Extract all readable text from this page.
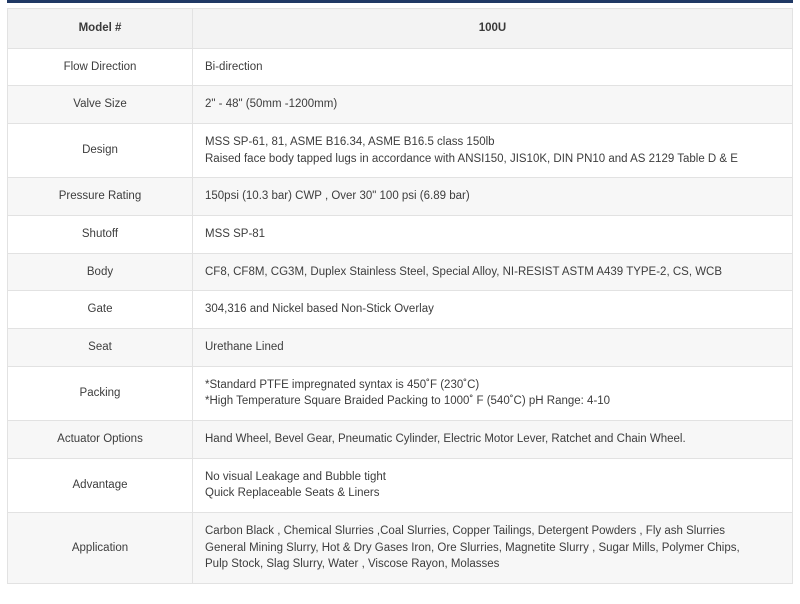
Model #	100U

Flow Direction	Bi-direction

Valve Size	2" - 48" (50mm -1200mm)

Design	MSS SP-61, 81, ASME B16.34, ASME B16.5 class 150lb
Raised face body tapped lugs in accordance with ANSI150, JIS10K, DIN PN10 and AS 2129 Table D & E

Pressure Rating	150psi (10.3 bar) CWP , Over 30" 100 psi (6.89 bar)

Shutoff	MSS SP-81

Body	CF8, CF8M, CG3M, Duplex Stainless Steel, Special Alloy, NI-RESIST ASTM A439 TYPE-2, CS, WCB

Gate	304,316 and Nickel based Non-Stick Overlay

Seat	Urethane Lined

Packing	*Standard PTFE impregnated syntax is 450˚F (230˚C)
*High Temperature Square Braided Packing to 1000˚ F (540˚C) pH Range: 4-10

Actuator Options	Hand Wheel, Bevel Gear, Pneumatic Cylinder, Electric Motor Lever, Ratchet and Chain Wheel.

Advantage	No visual Leakage and Bubble tight
Quick Replaceable Seats & Liners

Application	Carbon Black , Chemical Slurries ,Coal Slurries, Copper Tailings, Detergent Powders , Fly ash Slurries
General Mining Slurry, Hot & Dry Gases Iron, Ore Slurries, Magnetite Slurry , Sugar Mills, Polymer Chips,
Pulp Stock, Slag Slurry, Water , Viscose Rayon, Molasses
